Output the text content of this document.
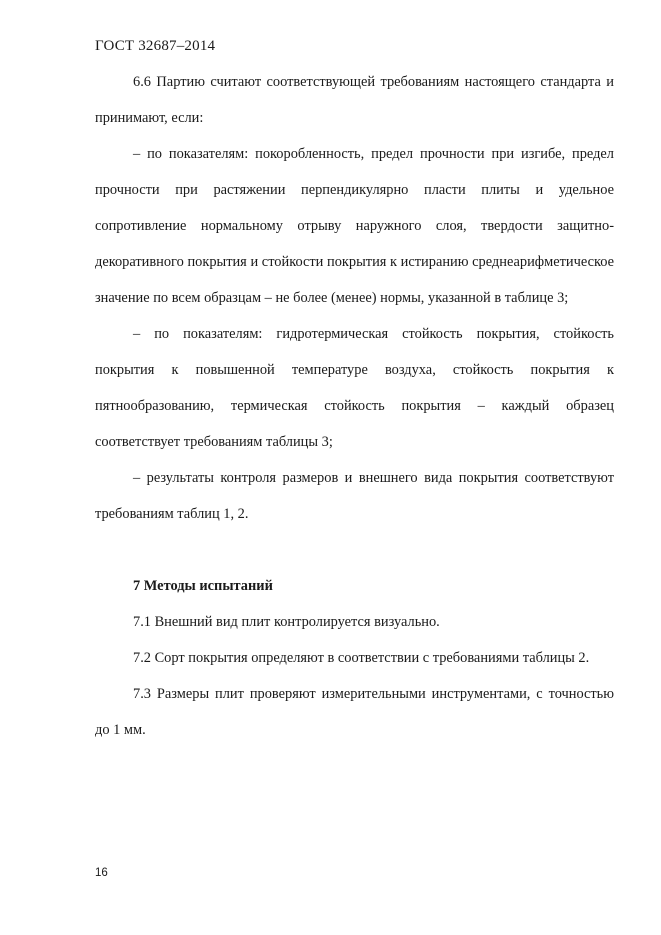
ГОСТ 32687–2014

6.6 Партию считают соответствующей требованиям настоящего стандарта и принимают, если:

– по показателям: покоробленность, предел прочности при изгибе, предел прочности при растяжении перпендикулярно пласти плиты и удельное сопротивление нормальному отрыву наружного слоя, твердости защитно-декоративного покрытия и стойкости покрытия к истиранию среднеарифметическое значение по всем образцам – не более (менее) нормы, указанной в таблице 3;

– по показателям: гидротермическая стойкость покрытия, стойкость покрытия к повышенной температуре воздуха, стойкость покрытия к пятнообразованию, термическая стойкость покрытия – каждый образец соответствует требованиям таблицы 3;

– результаты контроля размеров и внешнего вида покрытия соответствуют требованиям таблиц 1, 2.

7 Методы испытаний

7.1 Внешний вид плит контролируется визуально.

7.2 Сорт покрытия определяют в соответствии с требованиями таблицы 2.

7.3 Размеры плит проверяют измерительными инструментами, с точностью до 1 мм.

16
